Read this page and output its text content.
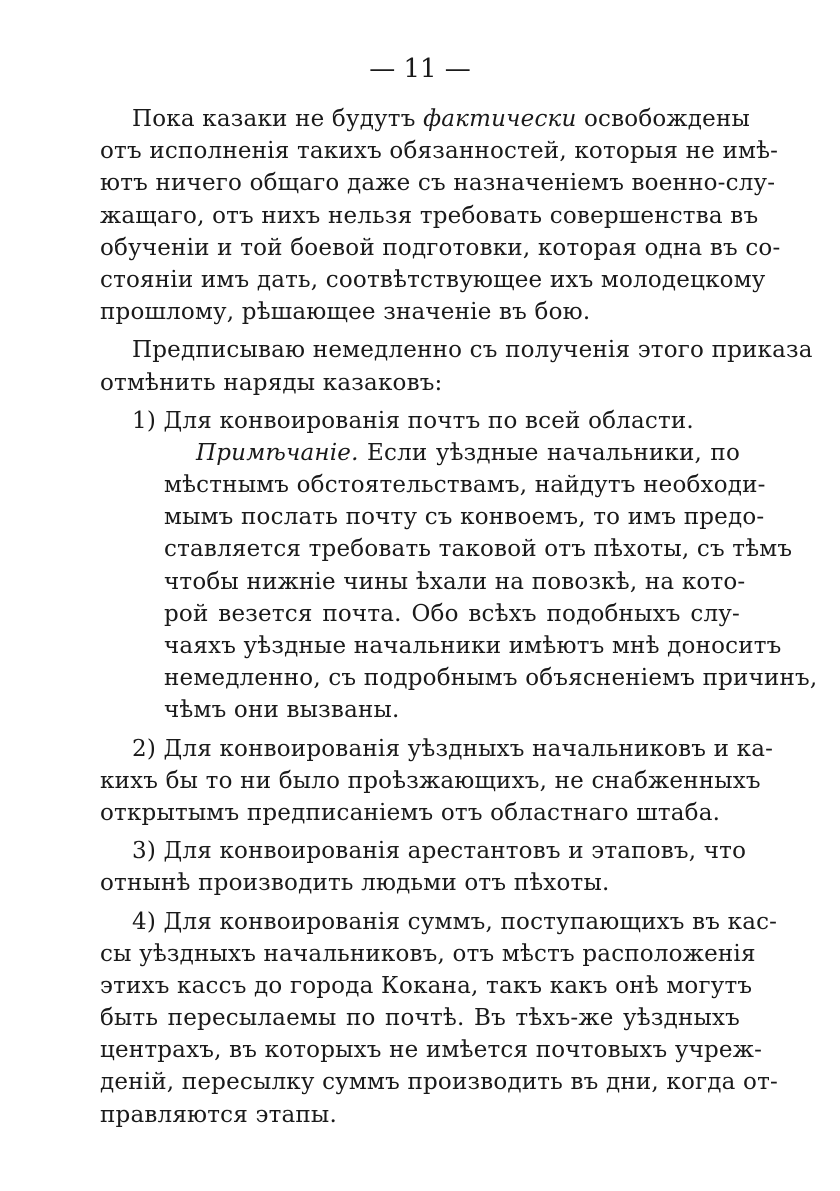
— 11 —
Пока казаки не будутъ фактически освобождены
отъ исполненія такихъ обязанностей, которыя не имѣ-
ютъ ничего общаго даже съ назначеніемъ военно-слу-
жащаго, отъ нихъ нельзя требовать совершенства въ
обученіи и той боевой подготовки, которая одна въ со-
стояніи имъ дать, соотвѣтствующее ихъ молодецкому
прошлому, рѣшающее значеніе въ бою.
Предписываю немедленно съ полученія этого приказа
отмѣнить наряды казаковъ:
1) Для конвоированія почтъ по всей области.
Примѣчаніе. Если уѣздные начальники, по
мѣстнымъ обстоятельствамъ, найдутъ необходи-
мымъ послать почту съ конвоемъ, то имъ предо-
ставляется требовать таковой отъ пѣхоты, съ тѣмъ
чтобы нижніе чины ѣхали на повозкѣ, на кото-
рой везется почта. Обо всѣхъ подобныхъ слу-
чаяхъ уѣздные начальники имѣютъ мнѣ доноситъ
немедленно, съ подробнымъ объясненіемъ причинъ,
чѣмъ они вызваны.
2) Для конвоированія уѣздныхъ начальниковъ и ка-
кихъ бы то ни было проѣзжающихъ, не снабженныхъ
открытымъ предписаніемъ отъ областнаго штаба.
3) Для конвоированія арестантовъ и этаповъ, что
отнынѣ производить людьми отъ пѣхоты.
4) Для конвоированія суммъ, поступающихъ въ кас-
сы уѣздныхъ начальниковъ, отъ мѣстъ расположенія
этихъ кассъ до города Кокана, такъ какъ онѣ могутъ
быть пересылаемы по почтѣ. Въ тѣхъ-же уѣздныхъ
центрахъ, въ которыхъ не имѣется почтовыхъ учреж-
деній, пересылку суммъ производить въ дни, когда от-
правляются этапы.
